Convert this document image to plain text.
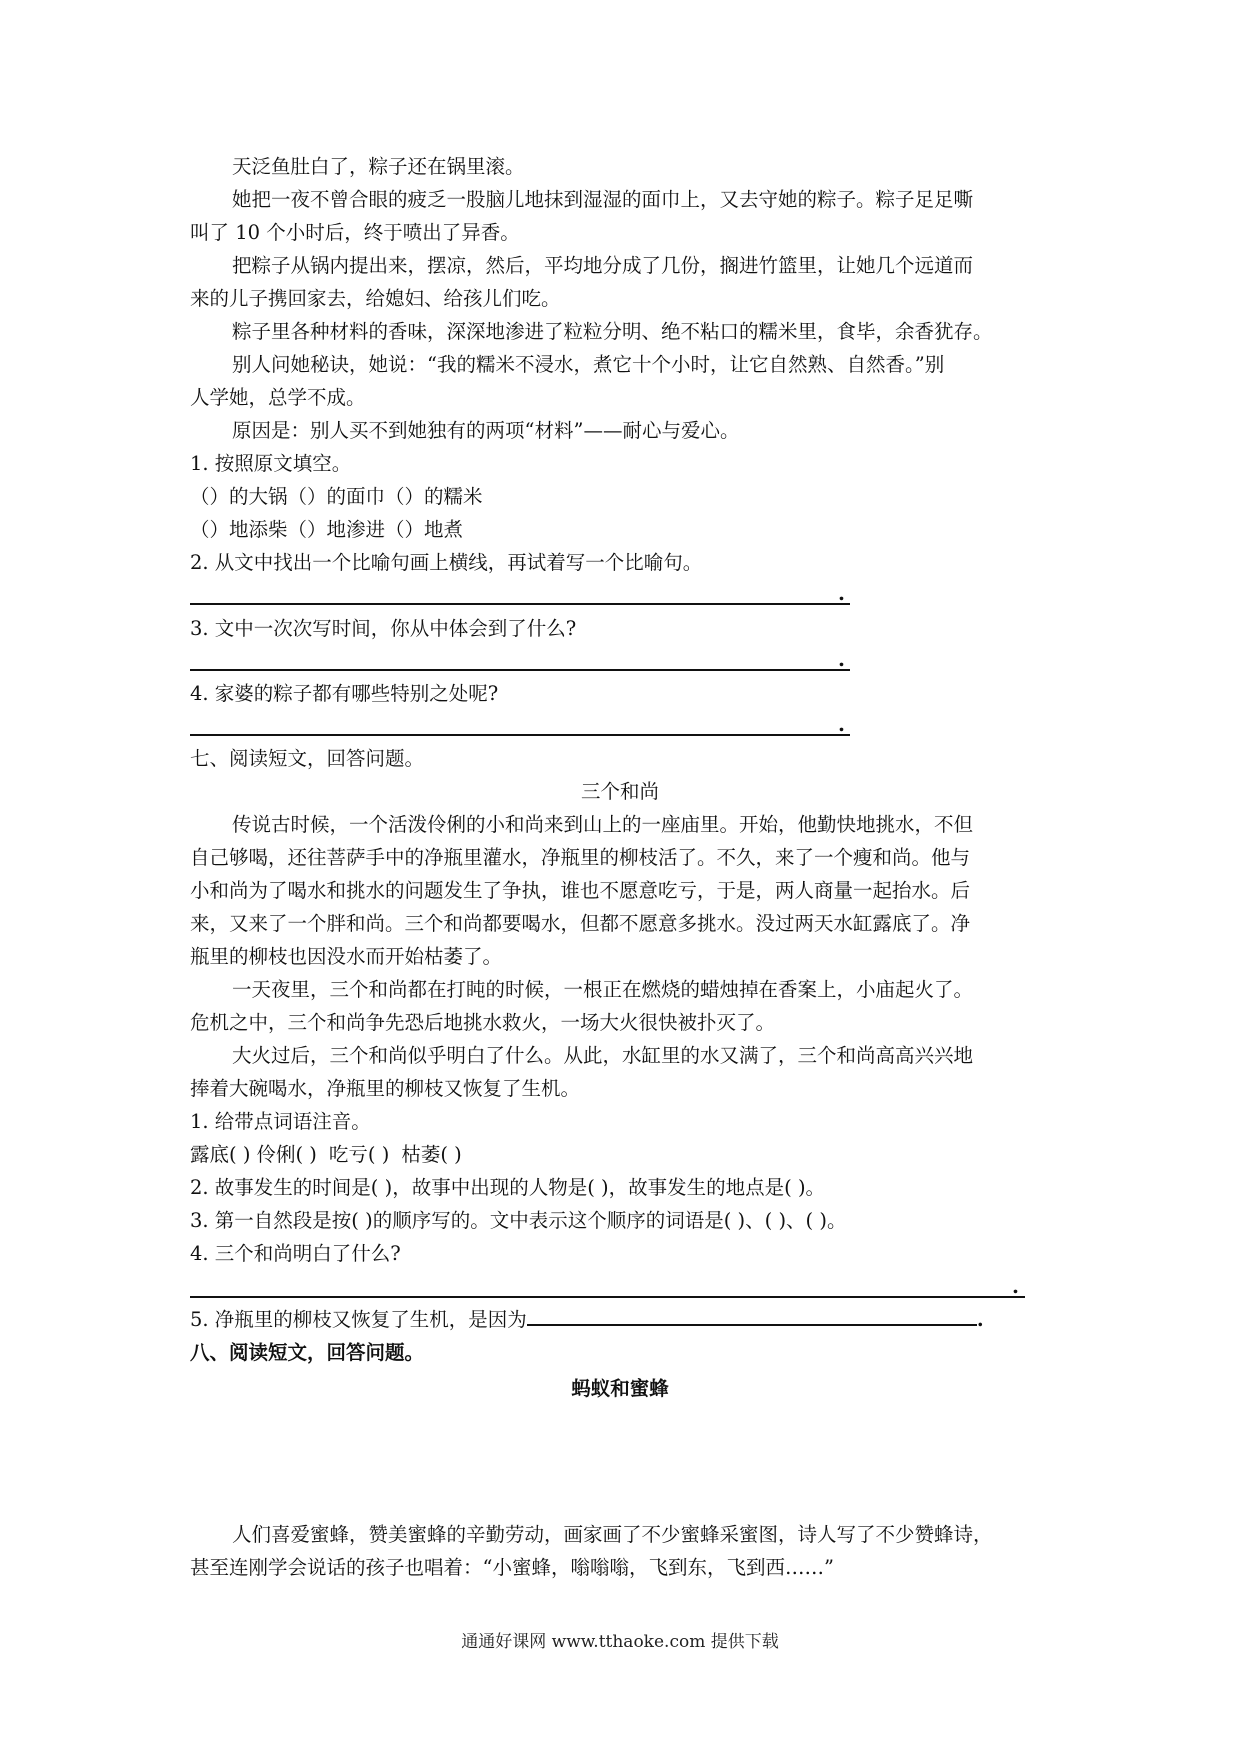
天泛鱼肚白了，粽子还在锅里滚。

她把一夜不曾合眼的疲乏一股脑儿地抹到湿湿的面巾上，又去守她的粽子。粽子足足嘶

叫了 10 个小时后，终于喷出了异香。

把粽子从锅内提出来，摆凉，然后，平均地分成了几份，搁进竹篮里，让她几个远道而

来的儿子携回家去，给媳妇、给孩儿们吃。

粽子里各种材料的香味，深深地渗进了粒粒分明、绝不粘口的糯米里，食毕，余香犹存。

别人问她秘诀，她说：“我的糯米不浸水，煮它十个小时，让它自然熟、自然香。”别

人学她，总学不成。

原因是：别人买不到她独有的两项“材料”——耐心与爱心。

1. 按照原文填空。

（）的大锅（）的面巾（）的糯米

（）地添柴（）地渗进（）地煮

2. 从文中找出一个比喻句画上横线，再试着写一个比喻句。

.

3. 文中一次次写时间，你从中体会到了什么?

.

4. 家婆的粽子都有哪些特别之处呢?

.

七、阅读短文，回答问题。

三个和尚

传说古时候，一个活泼伶俐的小和尚来到山上的一座庙里。开始，他勤快地挑水，不但

自己够喝，还往菩萨手中的净瓶里灌水，净瓶里的柳枝活了。不久，来了一个瘦和尚。他与

小和尚为了喝水和挑水的问题发生了争执，谁也不愿意吃亏，于是，两人商量一起抬水。后

来，又来了一个胖和尚。三个和尚都要喝水，但都不愿意多挑水。没过两天水缸露底了。净

瓶里的柳枝也因没水而开始枯萎了。

一天夜里，三个和尚都在打盹的时候，一根正在燃烧的蜡烛掉在香案上，小庙起火了。

危机之中，三个和尚争先恐后地挑水救火，一场大火很快被扑灭了。

大火过后，三个和尚似乎明白了什么。从此，水缸里的水又满了，三个和尚高高兴兴地

捧着大碗喝水，净瓶里的柳枝又恢复了生机。

1. 给带点词语注音。

露底( ) 伶俐( ) 吃亏( ) 枯萎( )

2. 故事发生的时间是( )，故事中出现的人物是( )，故事发生的地点是( )。

3. 第一自然段是按( )的顺序写的。文中表示这个顺序的词语是( )、( )、( )。

4. 三个和尚明白了什么?

.

5. 净瓶里的柳枝又恢复了生机，是因为	.

八、阅读短文，回答问题。

蚂蚁和蜜蜂

人们喜爱蜜蜂，赞美蜜蜂的辛勤劳动，画家画了不少蜜蜂采蜜图，诗人写了不少赞蜂诗，

甚至连刚学会说话的孩子也唱着：“小蜜蜂，嗡嗡嗡，飞到东，飞到西……”

通通好课网 www.tthaoke.com 提供下载
